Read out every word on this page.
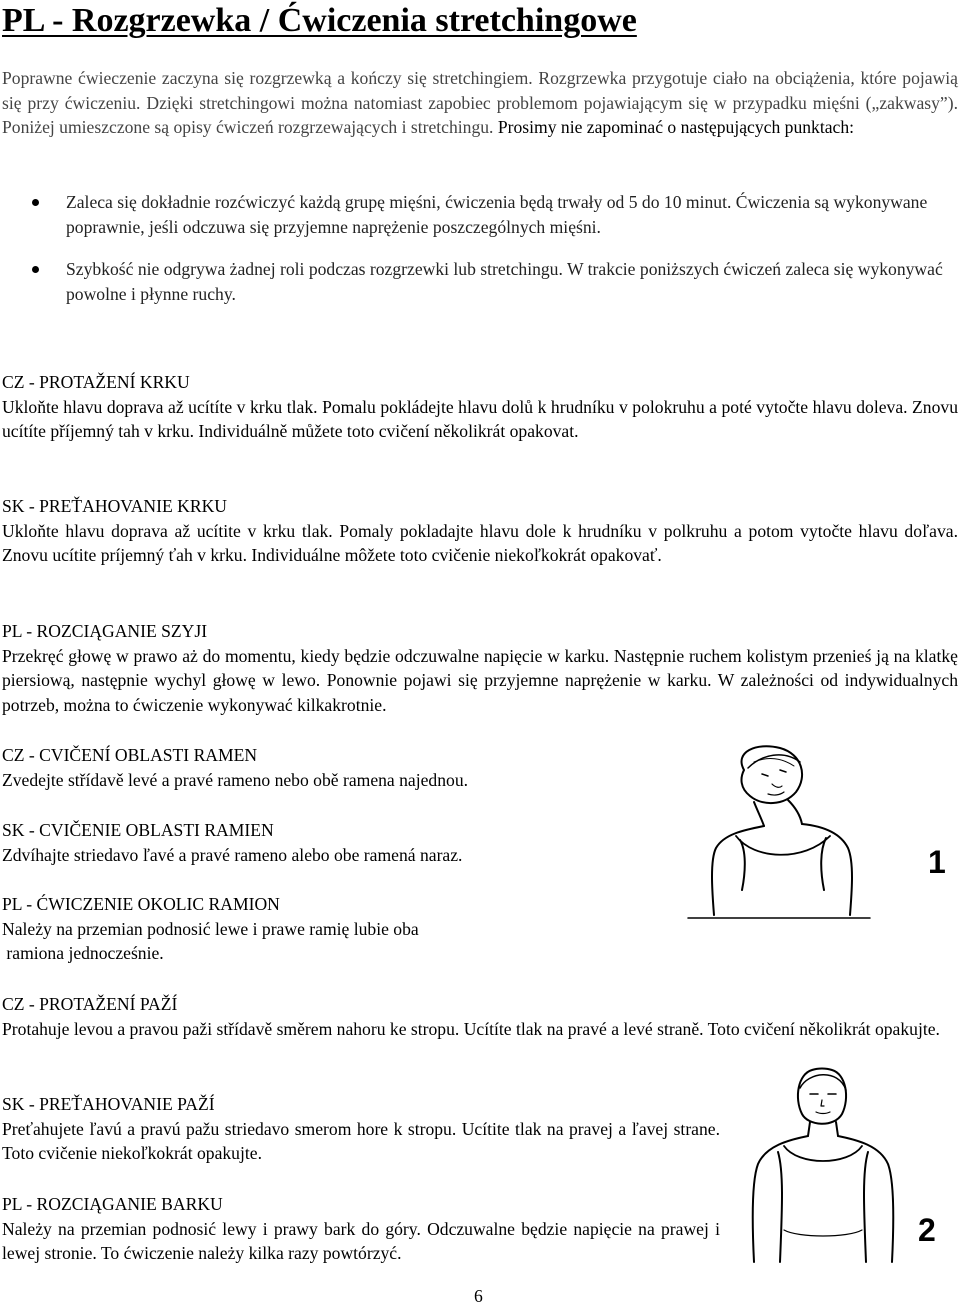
PL - Rozgrzewka / Ćwiczenia stretchingowe

Poprawne ćwieczenie zaczyna się rozgrzewką a kończy się stretchingiem. Rozgrzewka przygotuje ciało na obciążenia, które pojawią się przy ćwiczeniu. Dzięki stretchingowi można natomiast zapobiec problemom pojawiającym się w przypadku mięśni („zakwasy”). Poniżej umieszczone są opisy ćwiczeń rozgrzewających i stretchingu. Prosimy nie zapominać o następujących punktach:

Zaleca się dokładnie rozćwiczyć każdą grupę mięśni, ćwiczenia będą trwały od 5 do 10 minut. Ćwiczenia są wykonywane poprawnie, jeśli odczuwa się przyjemne naprężenie poszczególnych mięśni.
Szybkość nie odgrywa żadnej roli podczas rozgrzewki lub stretchingu. W trakcie poniższych ćwiczeń zaleca się wykonywać powolne i płynne ruchy.
CZ - PROTAŽENÍ KRKU

Ukloňte hlavu doprava až ucítíte v krku tlak. Pomalu pokládejte hlavu dolů k hrudníku v polokruhu a poté vytočte hlavu doleva. Znovu ucítíte příjemný tah v krku. Individuálně můžete toto cvičení několikrát opakovat.

SK - PREŤAHOVANIE KRKU

Ukloňte hlavu doprava až ucítite v krku tlak. Pomaly pokladajte hlavu dole k hrudníku v polkruhu a potom vytočte hlavu doľava. Znovu ucítite príjemný ťah v krku. Individuálne môžete toto cvičenie niekoľkokrát opakovať.

PL - ROZCIĄGANIE SZYJI

Przekręć głowę w prawo aż do momentu, kiedy będzie odczuwalne napięcie w karku. Następnie ruchem kolistym przenieś ją na klatkę piersiową, następnie wychyl głowę w lewo. Ponownie pojawi się przyjemne naprężenie w karku. W zależności od indywidualnych potrzeb, można to ćwiczenie wykonywać kilkakrotnie.

CZ - CVIČENÍ OBLASTI RAMEN

Zvedejte střídavě levé a pravé rameno nebo obě ramena najednou.

SK - CVIČENIE OBLASTI RAMIEN

Zdvíhajte striedavo ľavé a pravé rameno alebo obe ramená naraz.

PL - ĆWICZENIE OKOLIC RAMION

Należy na przemian podnosić lewe i prawe ramię lubie oba

ramiona jednocześnie.

CZ - PROTAŽENÍ PAŽÍ

Protahuje levou a pravou paži střídavě směrem nahoru ke stropu. Ucítíte tlak na pravé a levé straně. Toto cvičení několikrát opakujte.

SK - PREŤAHOVANIE PAŽÍ

Preťahujete ľavú a pravú pažu striedavo smerom hore k stropu. Ucítite tlak na pravej a ľavej strane. Toto cvičenie niekoľkokrát opakujte.

PL - ROZCIĄGANIE BARKU

Należy na przemian podnosić lewy i prawy bark do góry. Odczuwalne będzie napięcie na prawej i lewej stronie. To ćwiczenie należy kilka razy powtórzyć.

1
2
6
